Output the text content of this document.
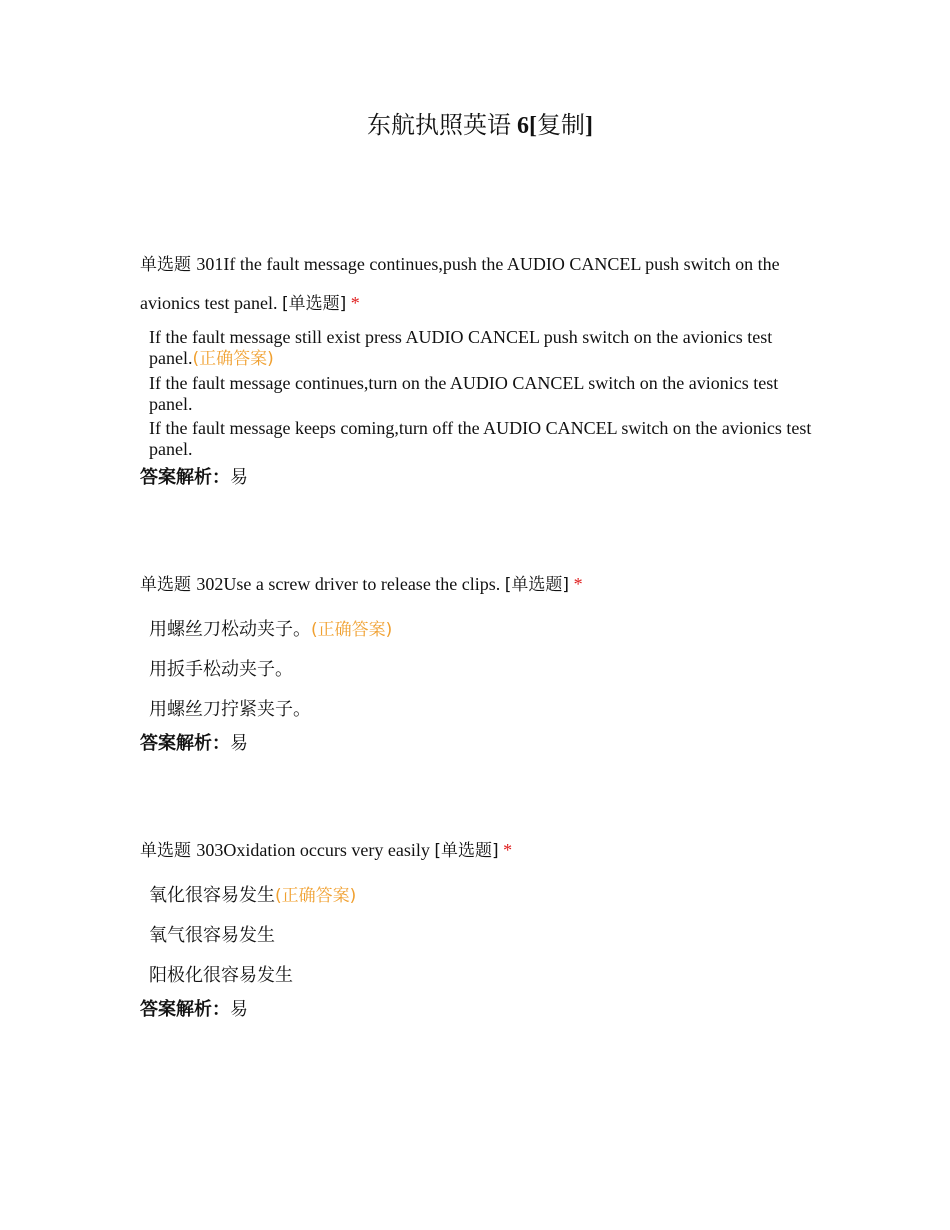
东航执照英语 6[复制]

单选题 301If the fault message continues,push the AUDIO CANCEL push switch on the avionics test panel. [单选题] *

If the fault message still exist press AUDIO CANCEL push switch on the avionics test panel.(正确答案)
If the fault message continues,turn on the AUDIO CANCEL switch on the avionics test panel.
If the fault message keeps coming,turn off the AUDIO CANCEL switch on the avionics test panel.
答案解析：易

单选题 302Use a screw driver to release the clips. [单选题] *

用螺丝刀松动夹子。(正确答案)
用扳手松动夹子。
用螺丝刀拧紧夹子。
答案解析：易

单选题 303Oxidation occurs very easily [单选题] *

氧化很容易发生(正确答案)
氧气很容易发生
阳极化很容易发生
答案解析：易
